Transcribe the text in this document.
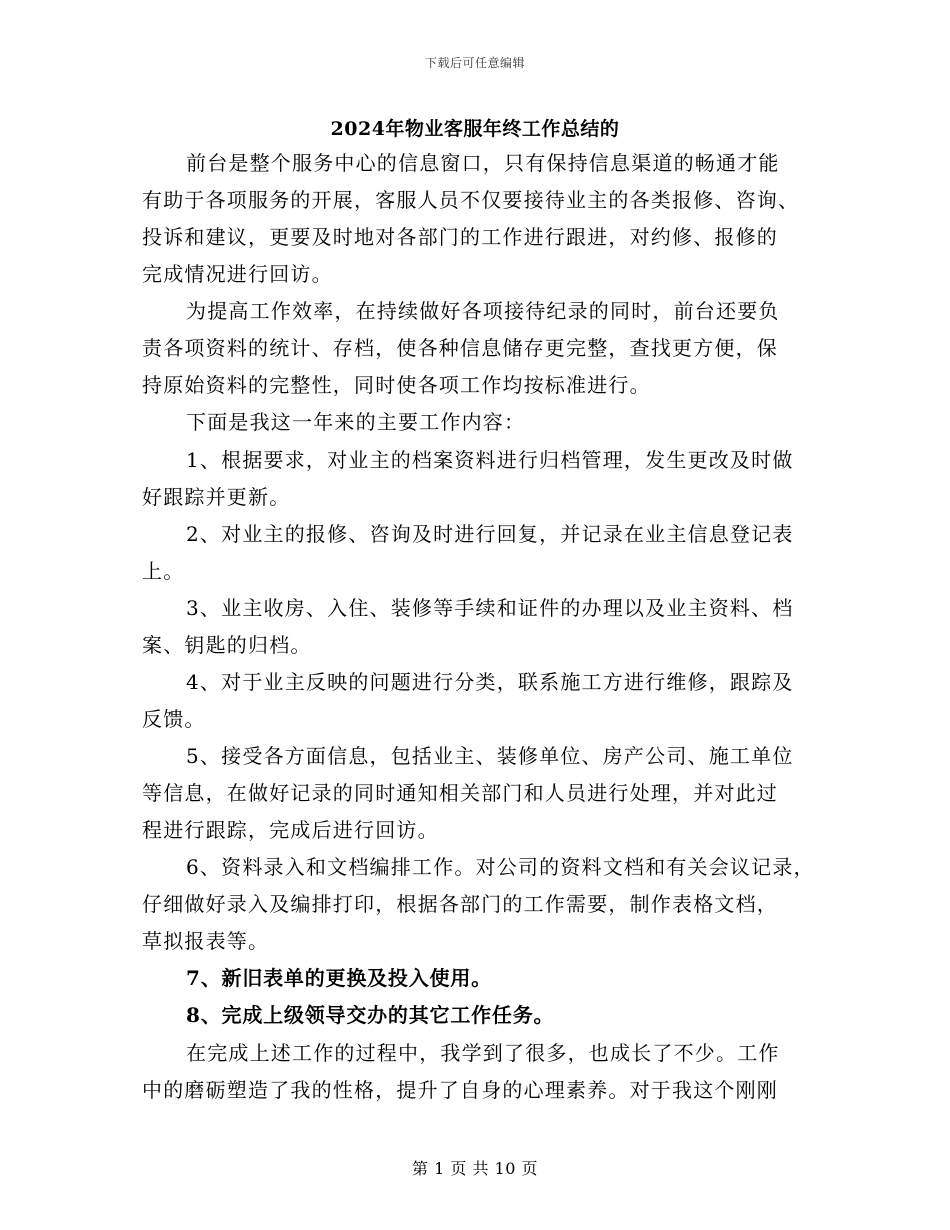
下载后可任意编辑
2024年物业客服年终工作总结的
前台是整个服务中心的信息窗口，只有保持信息渠道的畅通才能
有助于各项服务的开展，客服人员不仅要接待业主的各类报修、咨询、
投诉和建议，更要及时地对各部门的工作进行跟进，对约修、报修的
完成情况进行回访。
为提高工作效率，在持续做好各项接待纪录的同时，前台还要负
责各项资料的统计、存档，使各种信息储存更完整，查找更方便，保
持原始资料的完整性，同时使各项工作均按标准进行。
下面是我这一年来的主要工作内容：
1、根据要求，对业主的档案资料进行归档管理，发生更改及时做
好跟踪并更新。
2、对业主的报修、咨询及时进行回复，并记录在业主信息登记表
上。
3、业主收房、入住、装修等手续和证件的办理以及业主资料、档
案、钥匙的归档。
4、对于业主反映的问题进行分类，联系施工方进行维修，跟踪及
反馈。
5、接受各方面信息，包括业主、装修单位、房产公司、施工单位
等信息，在做好记录的同时通知相关部门和人员进行处理，并对此过
程进行跟踪，完成后进行回访。
6、资料录入和文档编排工作。对公司的资料文档和有关会议记录，
仔细做好录入及编排打印，根据各部门的工作需要，制作表格文档，
草拟报表等。
7、新旧表单的更换及投入使用。
8、完成上级领导交办的其它工作任务。
在完成上述工作的过程中，我学到了很多，也成长了不少。工作
中的磨砺塑造了我的性格，提升了自身的心理素养。对于我这个刚刚
第 1 页 共 10 页
